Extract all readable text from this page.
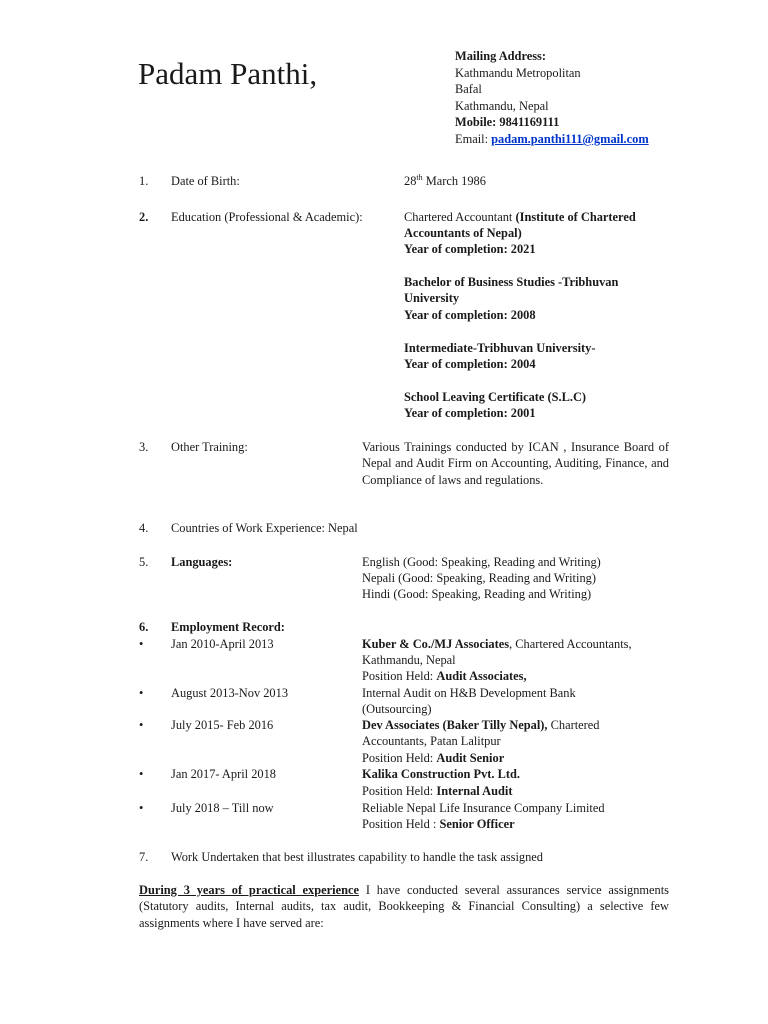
Padam Panthi,	Mailing Address:
Kathmandu Metropolitan
Bafal
Kathmandu, Nepal
Mobile: 9841169111
Email: padam.panthi111@gmail.com
1. Date of Birth:	28th March 1986
2. Education (Professional & Academic):	Chartered Accountant (Institute of Chartered
Accountants of Nepal)
Year of completion: 2021
Bachelor of Business Studies -Tribhuvan
University
Year of completion: 2008
Intermediate-Tribhuvan University-
Year of completion: 2004
School Leaving Certificate (S.L.C)
Year of completion: 2001
3. Other Training:	Various Trainings conducted by ICAN , Insurance Board of Nepal and Audit Firm on Accounting, Auditing, Finance, and Compliance of laws and regulations.
4. Countries of Work Experience: Nepal
5. Languages:	English (Good: Speaking, Reading and Writing)
Nepali (Good: Speaking, Reading and Writing)
Hindi (Good: Speaking, Reading and Writing)
6. Employment Record:
• Jan 2010-April 2013	Kuber & Co./MJ Associates, Chartered Accountants,
Kathmandu, Nepal
Position Held: Audit Associates,
• August 2013-Nov 2013	Internal Audit on H&B Development Bank
(Outsourcing)
• July 2015- Feb 2016	Dev Associates (Baker Tilly Nepal), Chartered
Accountants, Patan Lalitpur
Position Held: Audit Senior
• Jan 2017- April 2018	Kalika Construction Pvt. Ltd.
Position Held: Internal Audit
• July 2018 – Till now	Reliable Nepal Life Insurance Company Limited
Position Held : Senior Officer
7. Work Undertaken that best illustrates capability to handle the task assigned
During 3 years of practical experience I have conducted several assurances service assignments (Statutory audits, Internal audits, tax audit, Bookkeeping & Financial Consulting) a selective few assignments where I have served are:
